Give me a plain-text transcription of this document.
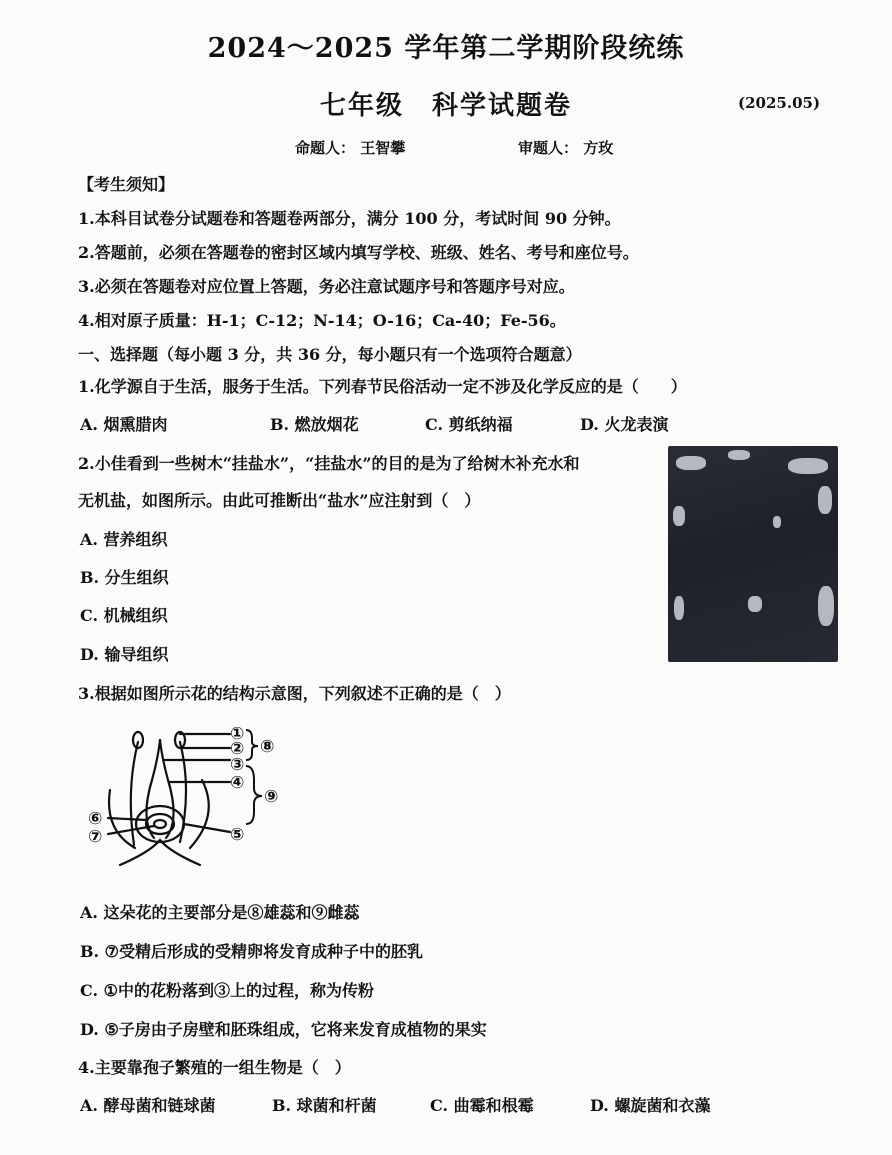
2024～2025 学年第二学期阶段统练
七年级　科学试题卷	(2025.05)
命题人： 王智攀	审题人： 方玫
【考生须知】
1.本科目试卷分试题卷和答题卷两部分，满分 100 分，考试时间 90 分钟。
2.答题前，必须在答题卷的密封区域内填写学校、班级、姓名、考号和座位号。
3.必须在答题卷对应位置上答题，务必注意试题序号和答题序号对应。
4.相对原子质量：H-1；C-12；N-14；O-16；Ca-40；Fe-56。
一、选择题（每小题 3 分，共 36 分，每小题只有一个选项符合题意）
1.化学源自于生活，服务于生活。下列春节民俗活动一定不涉及化学反应的是（　　）
A. 烟熏腊肉	B. 燃放烟花	C. 剪纸纳福	D. 火龙表演
2.小佳看到一些树木“挂盐水”，“挂盐水”的目的是为了给树木补充水和
无机盐，如图所示。由此可推断出“盐水”应注射到（　）
A. 营养组织
B. 分生组织
C. 机械组织
D. 输导组织
3.根据如图所示花的结构示意图，下列叙述不正确的是（　）
①
②
③
④
⑤
⑥
⑦
⑧
⑨
A. 这朵花的主要部分是⑧雄蕊和⑨雌蕊
B. ⑦受精后形成的受精卵将发育成种子中的胚乳
C. ①中的花粉落到③上的过程，称为传粉
D. ⑤子房由子房壁和胚珠组成，它将来发育成植物的果实
4.主要靠孢子繁殖的一组生物是（　）
A. 酵母菌和链球菌	B. 球菌和杆菌	C. 曲霉和根霉	D. 螺旋菌和衣藻
